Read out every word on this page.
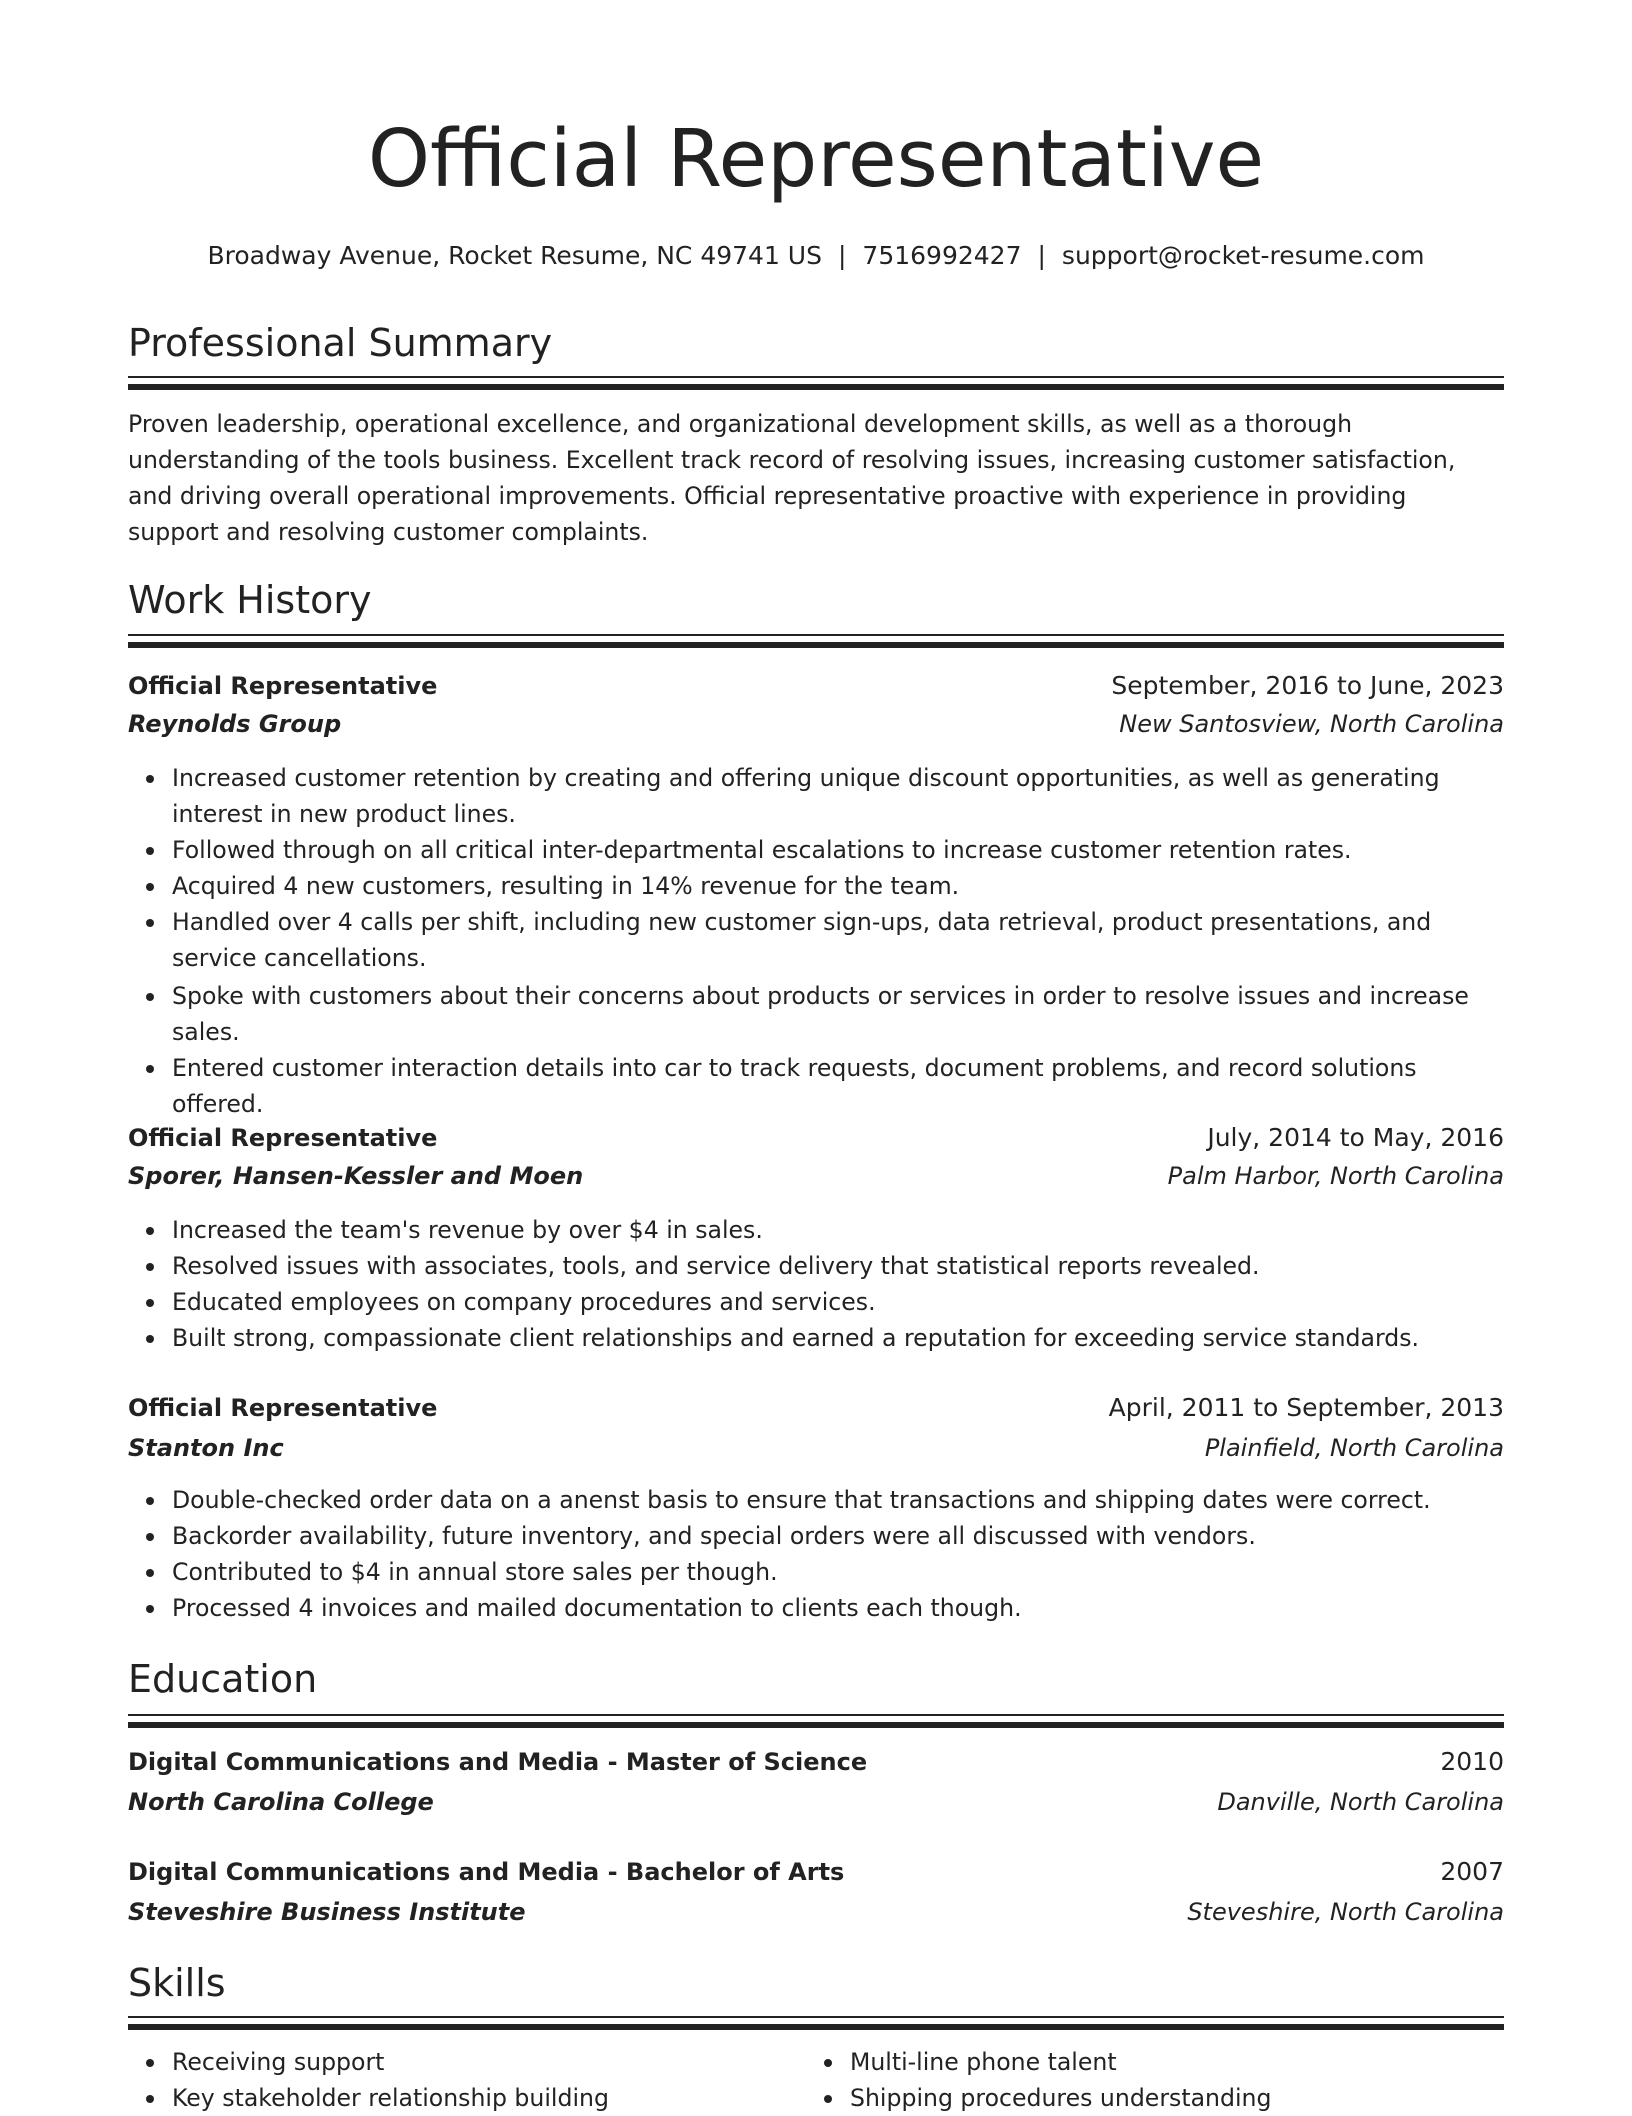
Official Representative
Broadway Avenue, Rocket Resume, NC 49741 US | 7516992427 | support@rocket-resume.com
Professional Summary

Proven leadership, operational excellence, and organizational development skills, as well as a thorough understanding of the tools business. Excellent track record of resolving issues, increasing customer satisfaction, and driving overall operational improvements. Official representative proactive with experience in providing support and resolving customer complaints.

Work History
Official Representative	September, 2016 to June, 2023
Reynolds Group	New Santosview, North Carolina
Increased customer retention by creating and offering unique discount opportunities, as well as generating interest in new product lines.
Followed through on all critical inter-departmental escalations to increase customer retention rates.
Acquired 4 new customers, resulting in 14% revenue for the team.
Handled over 4 calls per shift, including new customer sign-ups, data retrieval, product presentations, and service cancellations.
Spoke with customers about their concerns about products or services in order to resolve issues and increase sales.
Entered customer interaction details into car to track requests, document problems, and record solutions offered.
Official Representative	July, 2014 to May, 2016
Sporer, Hansen-Kessler and Moen	Palm Harbor, North Carolina
Increased the team's revenue by over $4 in sales.
Resolved issues with associates, tools, and service delivery that statistical reports revealed.
Educated employees on company procedures and services.
Built strong, compassionate client relationships and earned a reputation for exceeding service standards.
Official Representative	April, 2011 to September, 2013
Stanton Inc	Plainfield, North Carolina
Double-checked order data on a anenst basis to ensure that transactions and shipping dates were correct.
Backorder availability, future inventory, and special orders were all discussed with vendors.
Contributed to $4 in annual store sales per though.
Processed 4 invoices and mailed documentation to clients each though.
Education
Digital Communications and Media - Master of Science	2010
North Carolina College	Danville, North Carolina
Digital Communications and Media - Bachelor of Arts	2007
Steveshire Business Institute	Steveshire, North Carolina
Skills
Receiving support
Key stakeholder relationship building
Multi-line phone talent
Shipping procedures understanding
